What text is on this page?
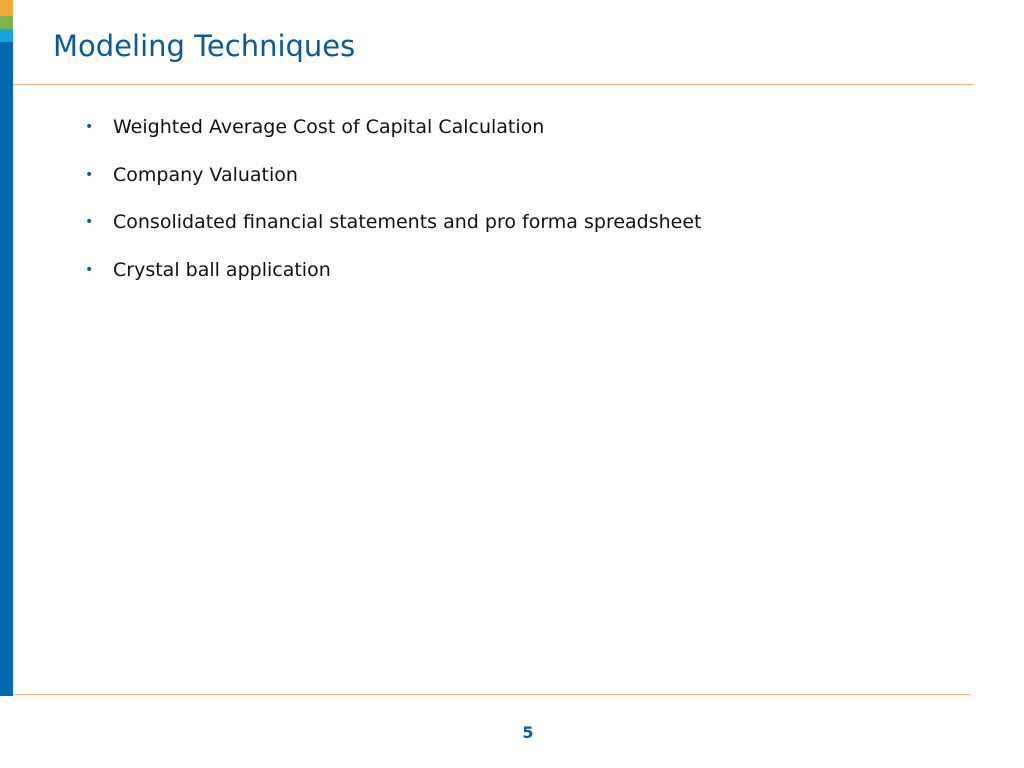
Modeling Techniques
•	Weighted Average Cost of Capital Calculation
•	Company Valuation
•	Consolidated financial statements and pro forma spreadsheet
•	Crystal ball application
5
